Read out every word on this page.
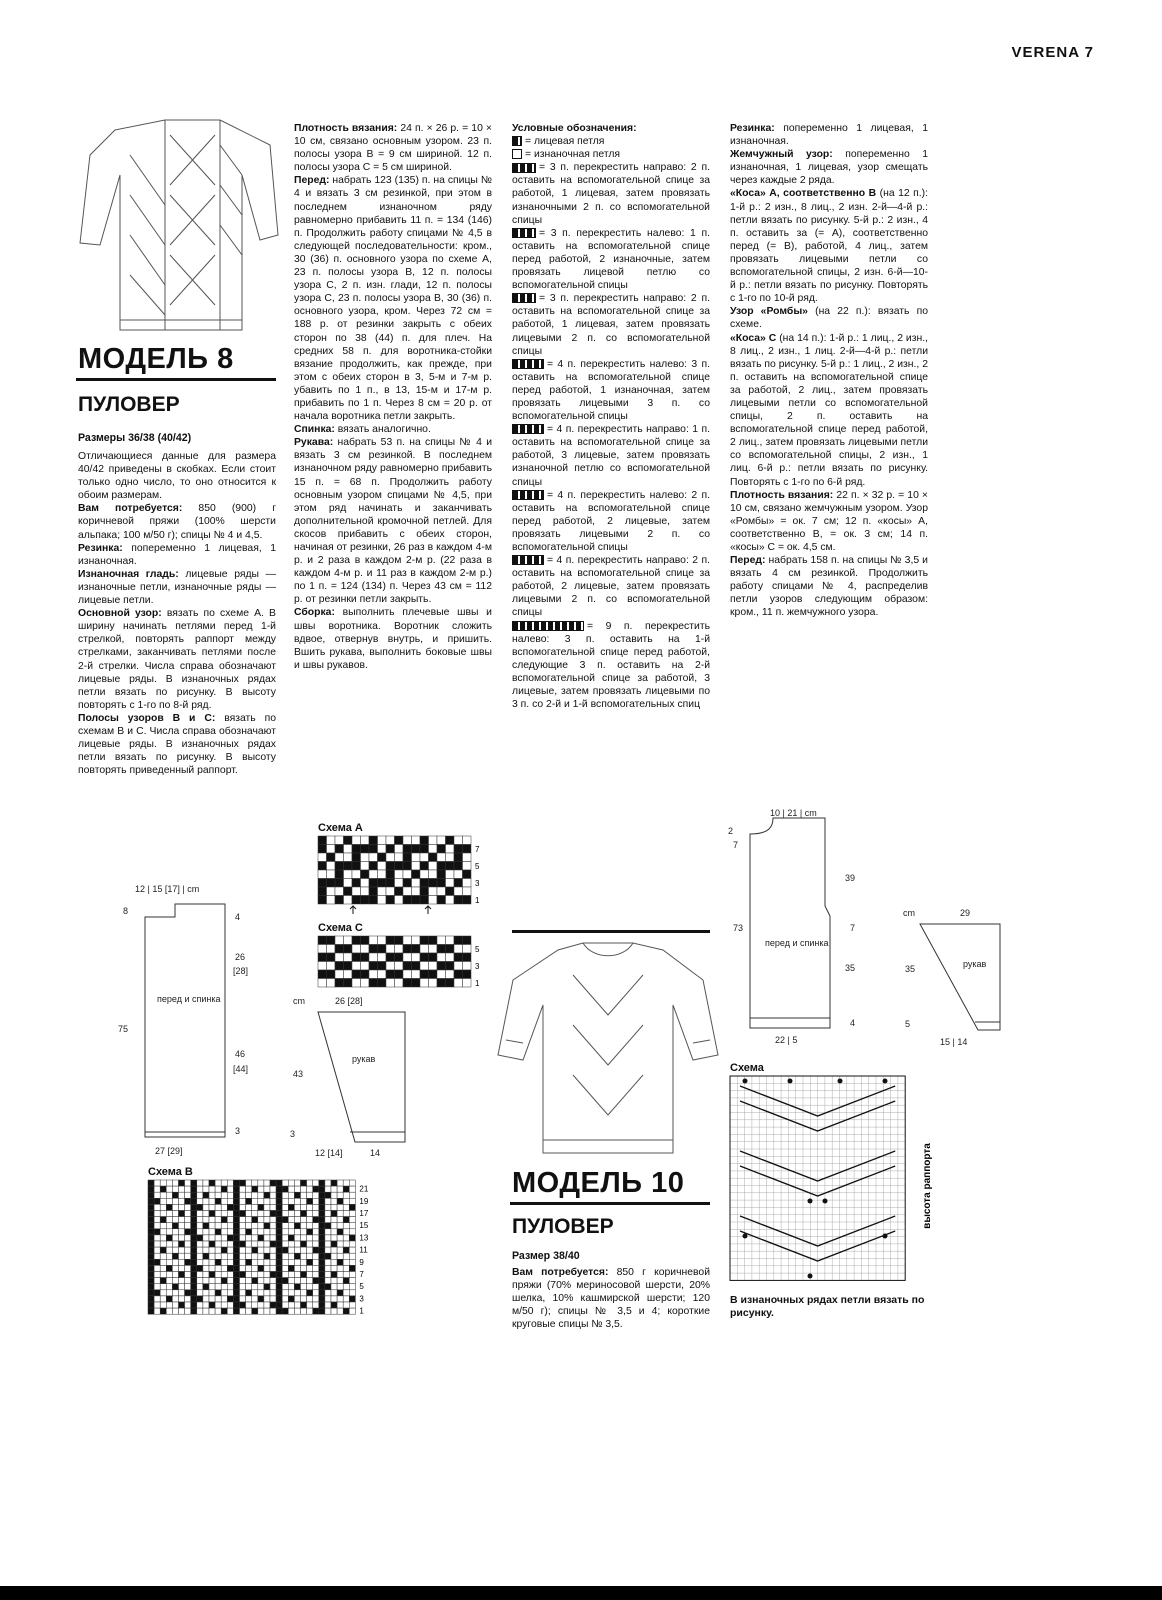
VERENA 7
МОДЕЛЬ 8
ПУЛОВЕР
Размеры 36/38 (40/42)

Отличающиеся данные для размера 40/42 приведены в скобках. Если стоит только одно число, то оно относится к обоим размерам.

Вам потребуется: 850 (900) г коричневой пряжи (100% шерсти альпака; 100 м/50 г); спицы № 4 и 4,5.

Резинка: попеременно 1 лицевая, 1 изнаночная.

Изнаночная гладь: лицевые ряды — изнаночные петли, изнаночные ряды — лицевые петли.

Основной узор: вязать по схеме А. В ширину начинать петлями перед 1-й стрелкой, повторять раппорт между стрелками, заканчивать петлями после 2-й стрелки. Числа справа обозначают лицевые ряды. В изнаночных рядах петли вязать по рисунку. В высоту повторять с 1-го по 8-й ряд.

Полосы узоров В и С: вязать по схемам В и С. Числа справа обозначают лицевые ряды. В изнаночных рядах петли вязать по рисунку. В высоту повторять приведенный раппорт.

8
4
26
[28]
75
46
[44]
3
27 [29]
12 | 15 [17] | cm
перед и спинка
Схема В
21
19
17
15
13
11
9
7
5
3
1

Плотность вязания: 24 п. × 26 р. = 10 × 10 см, связано основным узором. 23 п. полосы узора В = 9 см шириной. 12 п. полосы узора С = 5 см шириной.

Перед: набрать 123 (135) п. на спицы № 4 и вязать 3 см резинкой, при этом в последнем изнаночном ряду равномерно прибавить 11 п. = 134 (146) п. Продолжить работу спицами № 4,5 в следующей последовательности: кром., 30 (36) п. основного узора по схеме А, 23 п. полосы узора В, 12 п. полосы узора С, 2 п. изн. глади, 12 п. полосы узора С, 23 п. полосы узора В, 30 (36) п. основного узора, кром. Через 72 см = 188 р. от резинки закрыть с обеих сторон по 38 (44) п. для плеч. На средних 58 п. для воротника-стойки вязание продолжить, как прежде, при этом с обеих сторон в 3, 5-м и 7-м р. убавить по 1 п., в 13, 15-м и 17-м р. прибавить по 1 п. Через 8 см = 20 р. от начала воротника петли закрыть.

Спинка: вязать аналогично.

Рукава: набрать 53 п. на спицы № 4 и вязать 3 см резинкой. В последнем изнаночном ряду равномерно прибавить 15 п. = 68 п. Продолжить работу основным узором спицами № 4,5, при этом ряд начинать и заканчивать дополнительной кромочной петлей. Для скосов прибавить с обеих сторон, начиная от резинки, 26 раз в каждом 4-м р. и 2 раза в каждом 2-м р. (22 раза в каждом 4-м р. и 11 раз в каждом 2-м р.) по 1 п. = 124 (134) п. Через 43 см = 112 р. от резинки петли закрыть.

Сборка: выполнить плечевые швы и швы воротника. Воротник сложить вдвое, отвернув внутрь, и пришить. Вшить рукава, выполнить боковые швы и швы рукавов.

Схема А
7
5
3
1
Схема С
5
3
1
cm	26 [28]
43
3
12 [14]	14
рукав

Условные обозначения:

= лицевая петля

= изнаночная петля

= 3 п. перекрестить направо: 2 п. оставить на вспомогательной спице за работой, 1 лицевая, затем провязать изнаночными 2 п. со вспомогательной спицы

= 3 п. перекрестить налево: 1 п. оставить на вспомогательной спице перед работой, 2 изнаночные, затем провязать лицевой петлю со вспомогательной спицы

= 3 п. перекрестить направо: 2 п. оставить на вспомогательной спице за работой, 1 лицевая, затем провязать лицевыми 2 п. со вспомогательной спицы

= 4 п. перекрестить налево: 3 п. оставить на вспомогательной спице перед работой, 1 изнаночная, затем провязать лицевыми 3 п. со вспомогательной спицы

= 4 п. перекрестить направо: 1 п. оставить на вспомогательной спице за работой, 3 лицевые, затем провязать изнаночной петлю со вспомогательной спицы

= 4 п. перекрестить налево: 2 п. оставить на вспомогательной спице перед работой, 2 лицевые, затем провязать лицевыми 2 п. со вспомогательной спицы

= 4 п. перекрестить направо: 2 п. оставить на вспомогательной спице за работой, 2 лицевые, затем провязать лицевыми 2 п. со вспомогательной спицы

= 9 п. перекрестить налево: 3 п. оставить на 1-й вспомогательной спице перед работой, следующие 3 п. оставить на 2-й вспомогательной спице за работой, 3 лицевые, затем провязать лицевыми по 3 п. со 2-й и 1-й вспомогательных спиц

МОДЕЛЬ 10
ПУЛОВЕР
Размер 38/40

Вам потребуется: 850 г коричневой пряжи (70% мериносовой шерсти, 20% шелка, 10% кашмирской шерсти; 120 м/50 г); спицы № 3,5 и 4; короткие круговые спицы № 3,5.

Резинка: попеременно 1 лицевая, 1 изнаночная.

Жемчужный узор: попеременно 1 изнаночная, 1 лицевая, узор смещать через каждые 2 ряда.

«Коса» А, соответственно В (на 12 п.): 1-й р.: 2 изн., 8 лиц., 2 изн. 2-й—4-й р.: петли вязать по рисунку. 5-й р.: 2 изн., 4 п. оставить за (= А), соответственно перед (= В), работой, 4 лиц., затем провязать лицевыми петли со вспомогательной спицы, 2 изн. 6-й—10-й р.: петли вязать по рисунку. Повторять с 1-го по 10-й ряд.

Узор «Ромбы» (на 22 п.): вязать по схеме.

«Коса» С (на 14 п.): 1-й р.: 1 лиц., 2 изн., 8 лиц., 2 изн., 1 лиц. 2-й—4-й р.: петли вязать по рисунку. 5-й р.: 1 лиц., 2 изн., 2 п. оставить на вспомогательной спице за работой, 2 лиц., затем провязать лицевыми петли со вспомогательной спицы, 2 п. оставить на вспомогательной спице перед работой, 2 лиц., затем провязать лицевыми петли со вспомогательной спицы, 2 изн., 1 лиц. 6-й р.: петли вязать по рисунку. Повторять с 1-го по 6-й ряд.

Плотность вязания: 22 п. × 32 р. = 10 × 10 см, связано жемчужным узором. Узор «Ромбы» = ок. 7 см; 12 п. «косы» А, соответственно В, = ок. 3 см; 14 п. «косы» С = ок. 4,5 см.

Перед: набрать 158 п. на спицы № 3,5 и вязать 4 см резинкой. Продолжить работу спицами № 4, распределив петли узоров следующим образом: кром., 11 п. жемчужного узора.

10 | 21 | cm
2
7
39
73	7
35
4
22 | 5
перед и спинка
cm	29
35
5
15 | 14
рукав
Схема
высота раппорта
В изнаночных рядах петли вязать по рисунку.
